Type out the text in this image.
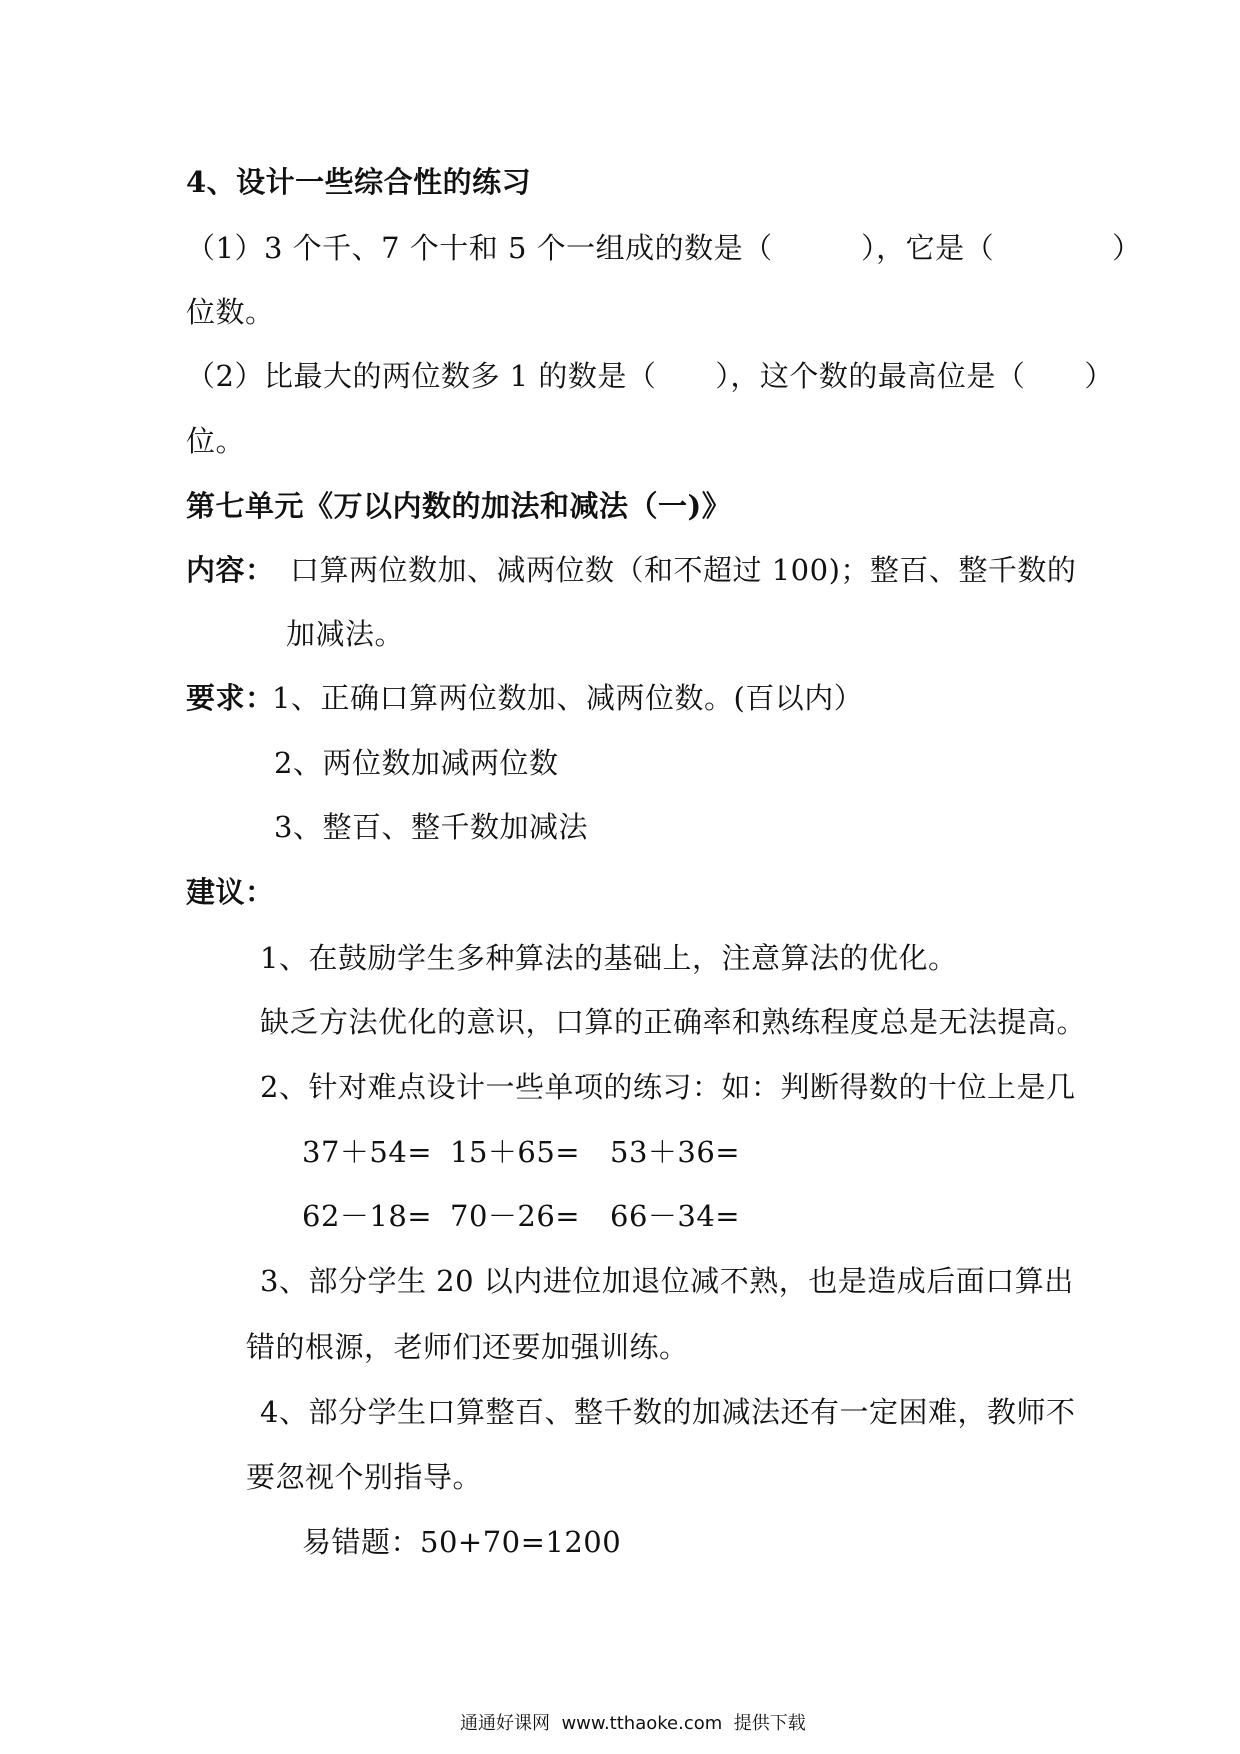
4、设计一些综合性的练习
（1）3 个千、7 个十和 5 个一组成的数是（　　　），它是（　　　　）
位数。
（2）比最大的两位数多 1 的数是（　　），这个数的最高位是（　　）
位。
第七单元《万以内数的加法和减法（一)》
内容： 口算两位数加、减两位数（和不超过 100)；整百、整千数的
加减法。
要求：
1、正确口算两位数加、减两位数。(百以内）
2、两位数加减两位数
3、整百、整千数加减法
建议：
1、在鼓励学生多种算法的基础上，注意算法的优化。
缺乏方法优化的意识，口算的正确率和熟练程度总是无法提高。
2、针对难点设计一些单项的练习：如：判断得数的十位上是几
37＋54= 15＋65= 53＋36=
62－18= 70－26= 66－34=
3、部分学生 20 以内进位加退位减不熟，也是造成后面口算出
错的根源，老师们还要加强训练。
4、部分学生口算整百、整千数的加减法还有一定困难，教师不
要忽视个别指导。
易错题：50+70=1200
通通好课网  www.tthaoke.com  提供下载
